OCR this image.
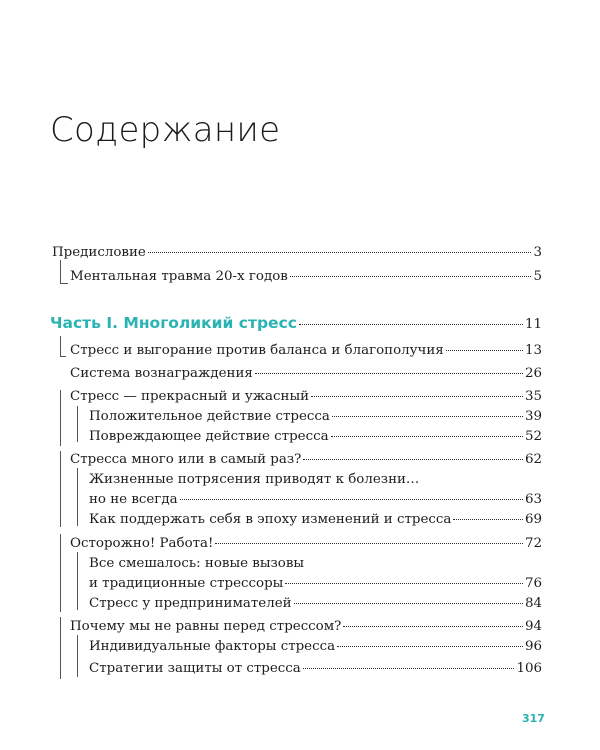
Содержание
Предисловие	3
Ментальная травма 20-х годов	5
Часть I. Многоликий стресс	11
Стресс и выгорание против баланса и благополучия	13
Система вознаграждения	26
Стресс — прекрасный и ужасный	35
Положительное действие стресса	39
Повреждающее действие стресса	52
Стресса много или в самый раз?	62
Жизненные потрясения приводят к болезни…
но не всегда	63
Как поддержать себя в эпоху изменений и стресса	69
Осторожно! Работа!	72
Все смешалось: новые вызовы
и традиционные стрессоры	76
Стресс у предпринимателей	84
Почему мы не равны перед стрессом?	94
Индивидуальные факторы стресса	96
Стратегии защиты от стресса	106
317
